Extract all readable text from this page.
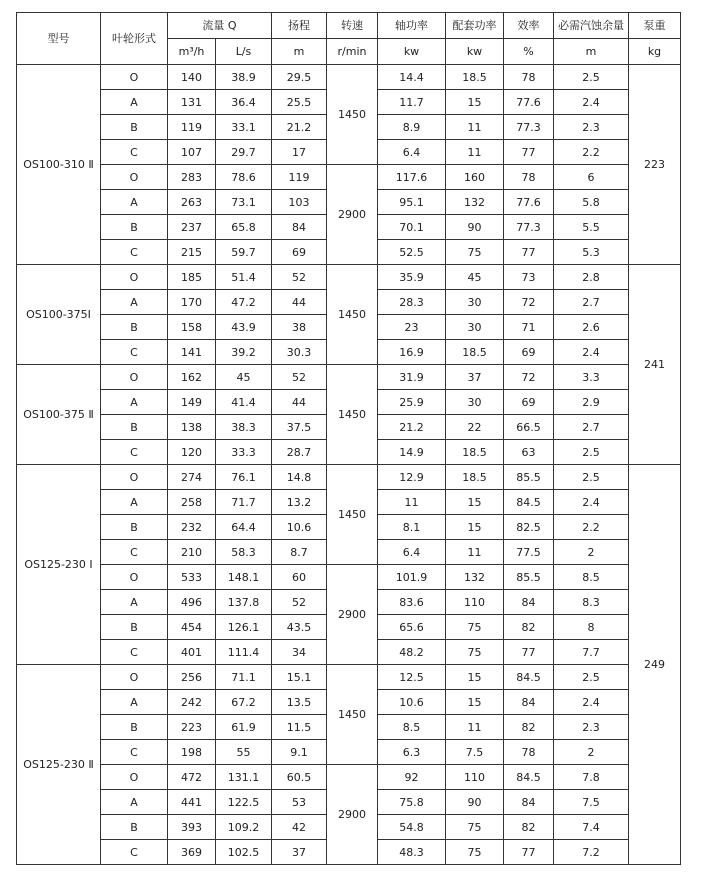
型号	叶轮形式	流量 Q		扬程	转速	轴功率	配套功率	效率	必需汽蚀余量	泵重
		m³/h	L/s	m	r/min	kw	kw	%	m	kg
OS100-310 Ⅱ	O	140	38.9	29.5	1450	14.4	18.5	78	2.5	223
	A	131	36.4	25.5		11.7	15	77.6	2.4	
	B	119	33.1	21.2		8.9	11	77.3	2.3	
	C	107	29.7	17		6.4	11	77	2.2	
	O	283	78.6	119	2900	117.6	160	78	6	
	A	263	73.1	103		95.1	132	77.6	5.8	
	B	237	65.8	84		70.1	90	77.3	5.5	
	C	215	59.7	69		52.5	75	77	5.3	
OS100-375Ⅰ	O	185	51.4	52	1450	35.9	45	73	2.8	241
	A	170	47.2	44		28.3	30	72	2.7	
	B	158	43.9	38		23	30	71	2.6	
	C	141	39.2	30.3		16.9	18.5	69	2.4	
OS100-375 Ⅱ	O	162	45	52	1450	31.9	37	72	3.3	
	A	149	41.4	44		25.9	30	69	2.9	
	B	138	38.3	37.5		21.2	22	66.5	2.7	
	C	120	33.3	28.7		14.9	18.5	63	2.5	
OS125-230 Ⅰ	O	274	76.1	14.8	1450	12.9	18.5	85.5	2.5	249
	A	258	71.7	13.2		11	15	84.5	2.4	
	B	232	64.4	10.6		8.1	15	82.5	2.2	
	C	210	58.3	8.7		6.4	11	77.5	2	
	O	533	148.1	60	2900	101.9	132	85.5	8.5	
	A	496	137.8	52		83.6	110	84	8.3	
	B	454	126.1	43.5		65.6	75	82	8	
	C	401	111.4	34		48.2	75	77	7.7	
OS125-230 Ⅱ	O	256	71.1	15.1	1450	12.5	15	84.5	2.5	
	A	242	67.2	13.5		10.6	15	84	2.4	
	B	223	61.9	11.5		8.5	11	82	2.3	
	C	198	55	9.1		6.3	7.5	78	2	
	O	472	131.1	60.5	2900	92	110	84.5	7.8	
	A	441	122.5	53		75.8	90	84	7.5	
	B	393	109.2	42		54.8	75	82	7.4	
	C	369	102.5	37		48.3	75	77	7.2	
